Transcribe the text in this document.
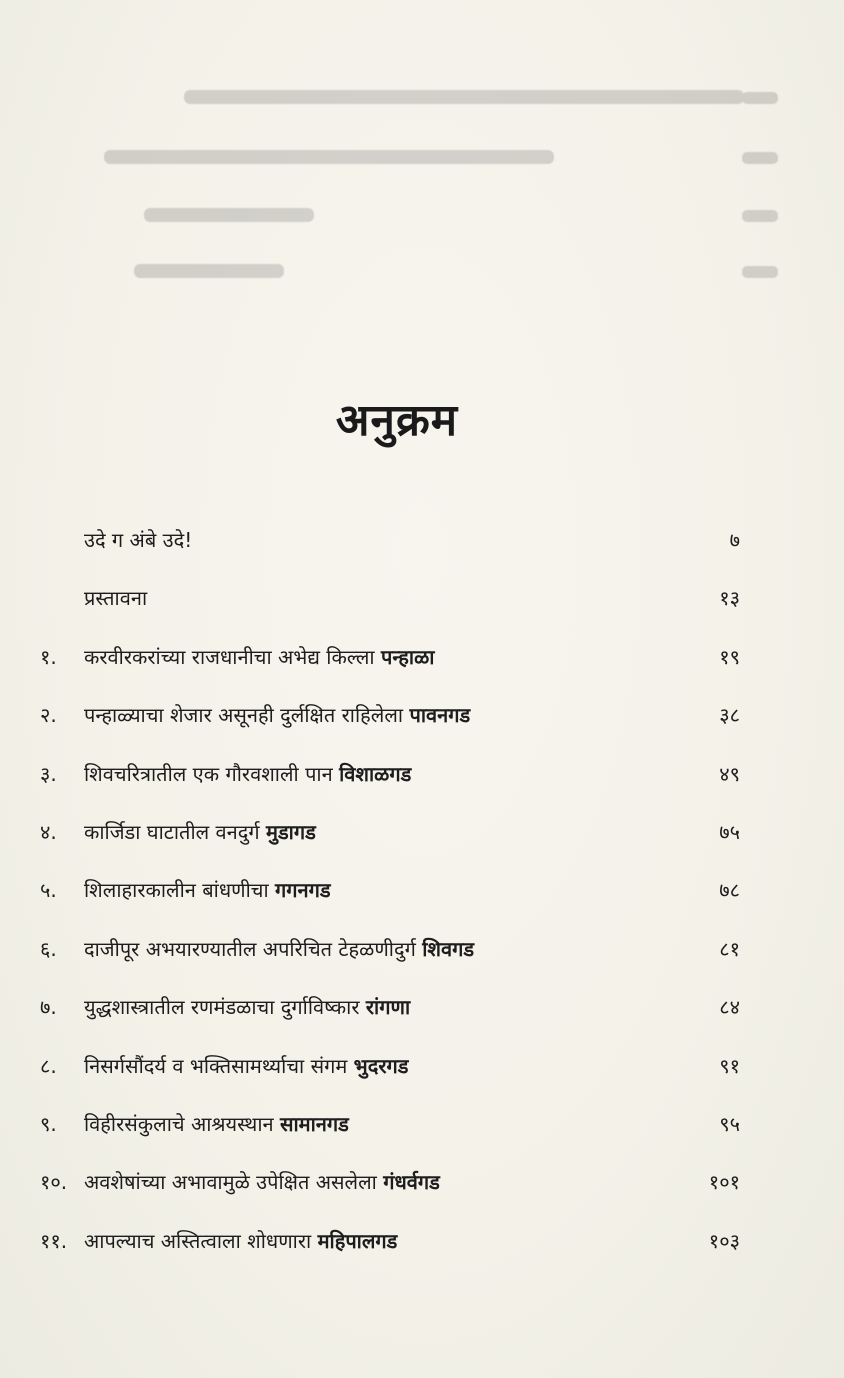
अनुक्रम
उदे ग अंबे उदे!	७
प्रस्तावना	१३
१. करवीरकरांच्या राजधानीचा अभेद्य किल्ला पन्हाळा	१९
२. पन्हाळ्याचा शेजार असूनही दुर्लक्षित राहिलेला पावनगड	३८
३. शिवचरित्रातील एक गौरवशाली पान विशाळगड	४९
४. कार्जिडा घाटातील वनदुर्ग मुडागड	७५
५. शिलाहारकालीन बांधणीचा गगनगड	७८
६. दाजीपूर अभयारण्यातील अपरिचित टेहळणीदुर्ग शिवगड	८१
७. युद्धशास्त्रातील रणमंडळाचा दुर्गाविष्कार रांगणा	८४
८. निसर्गसौंदर्य व भक्तिसामर्थ्याचा संगम भुदरगड	९१
९. विहीरसंकुलाचे आश्रयस्थान सामानगड	९५
१०. अवशेषांच्या अभावामुळे उपेक्षित असलेला गंधर्वगड	१०१
११. आपल्याच अस्तित्वाला शोधणारा महिपालगड	१०३
